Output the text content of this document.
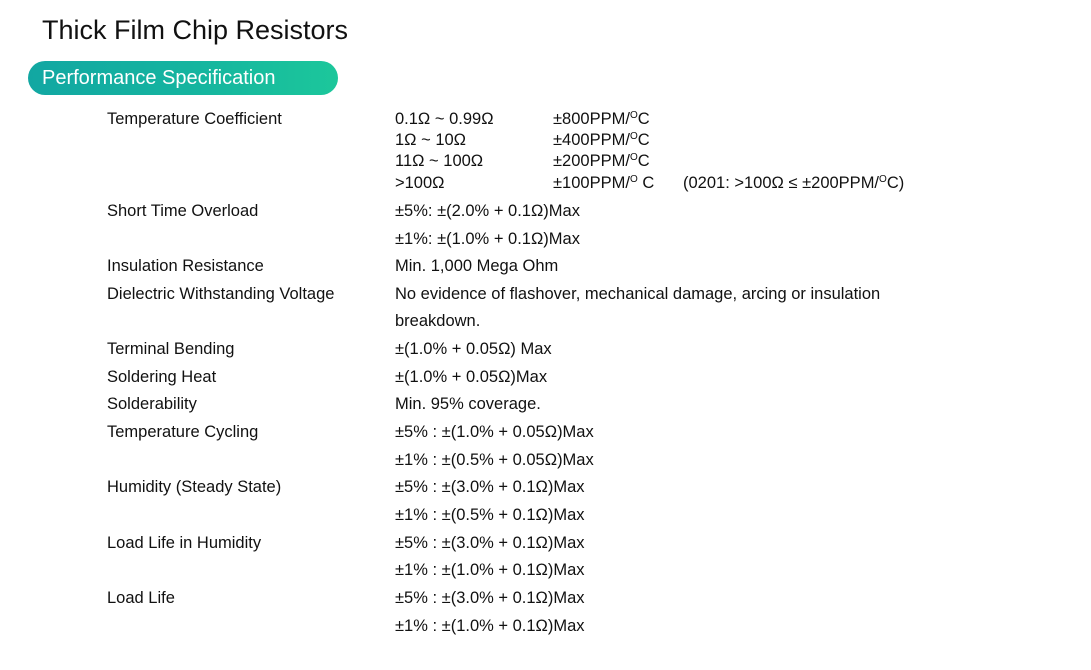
Thick Film Chip Resistors
Performance Specification
Temperature Coefficient	0.1Ω ~ 0.99Ω	±800PPM/$^O$C
1Ω ~ 10Ω	±400PPM/$^O$C
11Ω ~ 100Ω	±200PPM/$^O$C
>100Ω	±100PPM/$^O$ C (0201: >100Ω ≤ ±200PPM/$^O$C)
Short Time Overload	±5%: ±(2.0% + 0.1Ω)Max
±1%: ±(1.0% + 0.1Ω)Max
Insulation Resistance	Min. 1,000 Mega Ohm
Dielectric Withstanding Voltage	No evidence of flashover, mechanical damage, arcing or insulation
breakdown.
Terminal Bending	±(1.0% + 0.05Ω) Max
Soldering Heat	±(1.0% + 0.05Ω)Max
Solderability	Min. 95% coverage.
Temperature Cycling	±5% : ±(1.0% + 0.05Ω)Max
±1% : ±(0.5% + 0.05Ω)Max
Humidity (Steady State)	±5% : ±(3.0% + 0.1Ω)Max
±1% : ±(0.5% + 0.1Ω)Max
Load Life in Humidity	±5% : ±(3.0% + 0.1Ω)Max
±1% : ±(1.0% + 0.1Ω)Max
Load Life	±5% : ±(3.0% + 0.1Ω)Max
±1% : ±(1.0% + 0.1Ω)Max
